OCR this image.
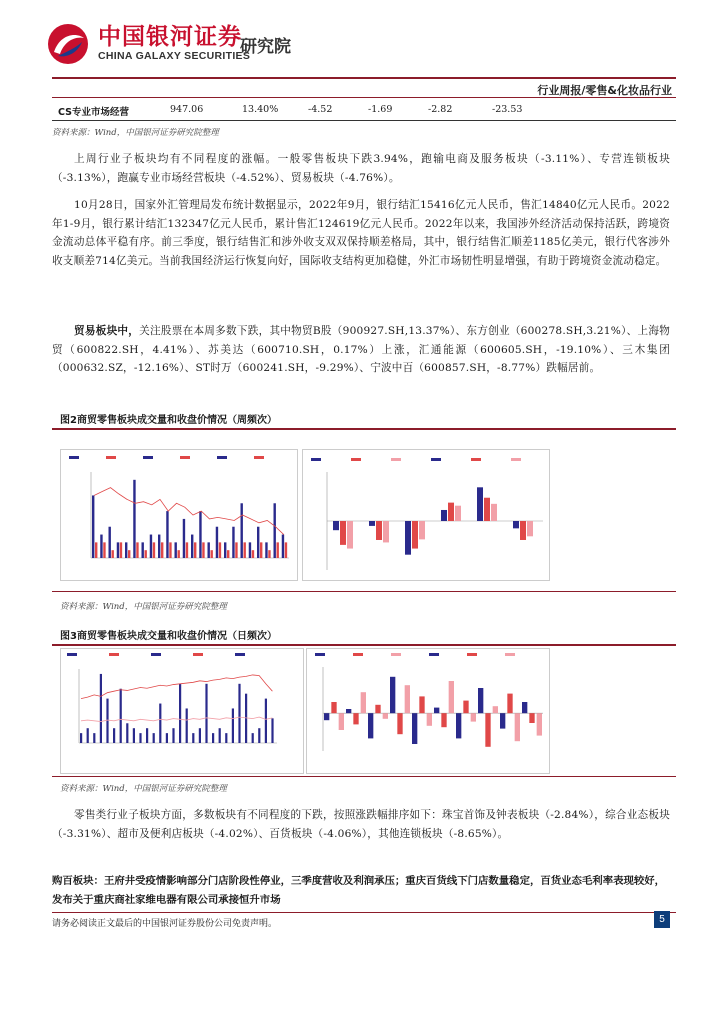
中国银河证券
CHINA GALAXY SECURITIES
研究院
行业周报/零售&化妆品行业
CS专业市场经营	947.06	13.40%	-4.52	-1.69	-2.82	-23.53
资料来源：Wind，中国银河证券研究院整理
上周行业子板块均有不同程度的涨幅。一般零售板块下跌3.94%，跑输电商及服务板块（-3.11%）、专营连锁板块（-3.13%），跑赢专业市场经营板块（-4.52%）、贸易板块（-4.76%）。
10月28日，国家外汇管理局发布统计数据显示，2022年9月，银行结汇15416亿元人民币，售汇14840亿元人民币。2022年1-9月，银行累计结汇132347亿元人民币，累计售汇124619亿元人民币。2022年以来，我国涉外经济活动保持活跃，跨境资金流动总体平稳有序。前三季度，银行结售汇和涉外收支双双保持顺差格局，其中，银行结售汇顺差1185亿美元，银行代客涉外收支顺差714亿美元。当前我国经济运行恢复向好，国际收支结构更加稳健，外汇市场韧性明显增强，有助于跨境资金流动稳定。
贸易板块中，关注股票在本周多数下跌，其中物贸B股（900927.SH,13.37%）、东方创业（600278.SH,3.21%）、上海物贸（600822.SH，4.41%）、苏美达（600710.SH，0.17%）上涨，汇通能源（600605.SH，-19.10%）、三木集团（000632.SZ，-12.16%）、ST时万（600241.SH，-9.29%）、宁波中百（600857.SH，-8.77%）跌幅居前。
图2商贸零售板块成交量和收盘价情况（周频次）
资料来源：Wind，中国银河证券研究院整理
图3商贸零售板块成交量和收盘价情况（日频次）
资料来源：Wind，中国银河证券研究院整理
零售类行业子板块方面，多数板块有不同程度的下跌，按照涨跌幅排序如下：珠宝首饰及钟表板块（-2.84%），综合业态板块（-3.31%）、超市及便利店板块（-4.02%）、百货板块（-4.06%），其他连锁板块（-8.65%）。
购百板块：王府井受疫情影响部分门店阶段性停业，三季度营收及利润承压；重庆百货线下门店数量稳定，百货业态毛利率表现较好，发布关于重庆商社家维电器有限公司承接恒升市场
请务必阅读正文最后的中国银河证券股份公司免责声明。	5
